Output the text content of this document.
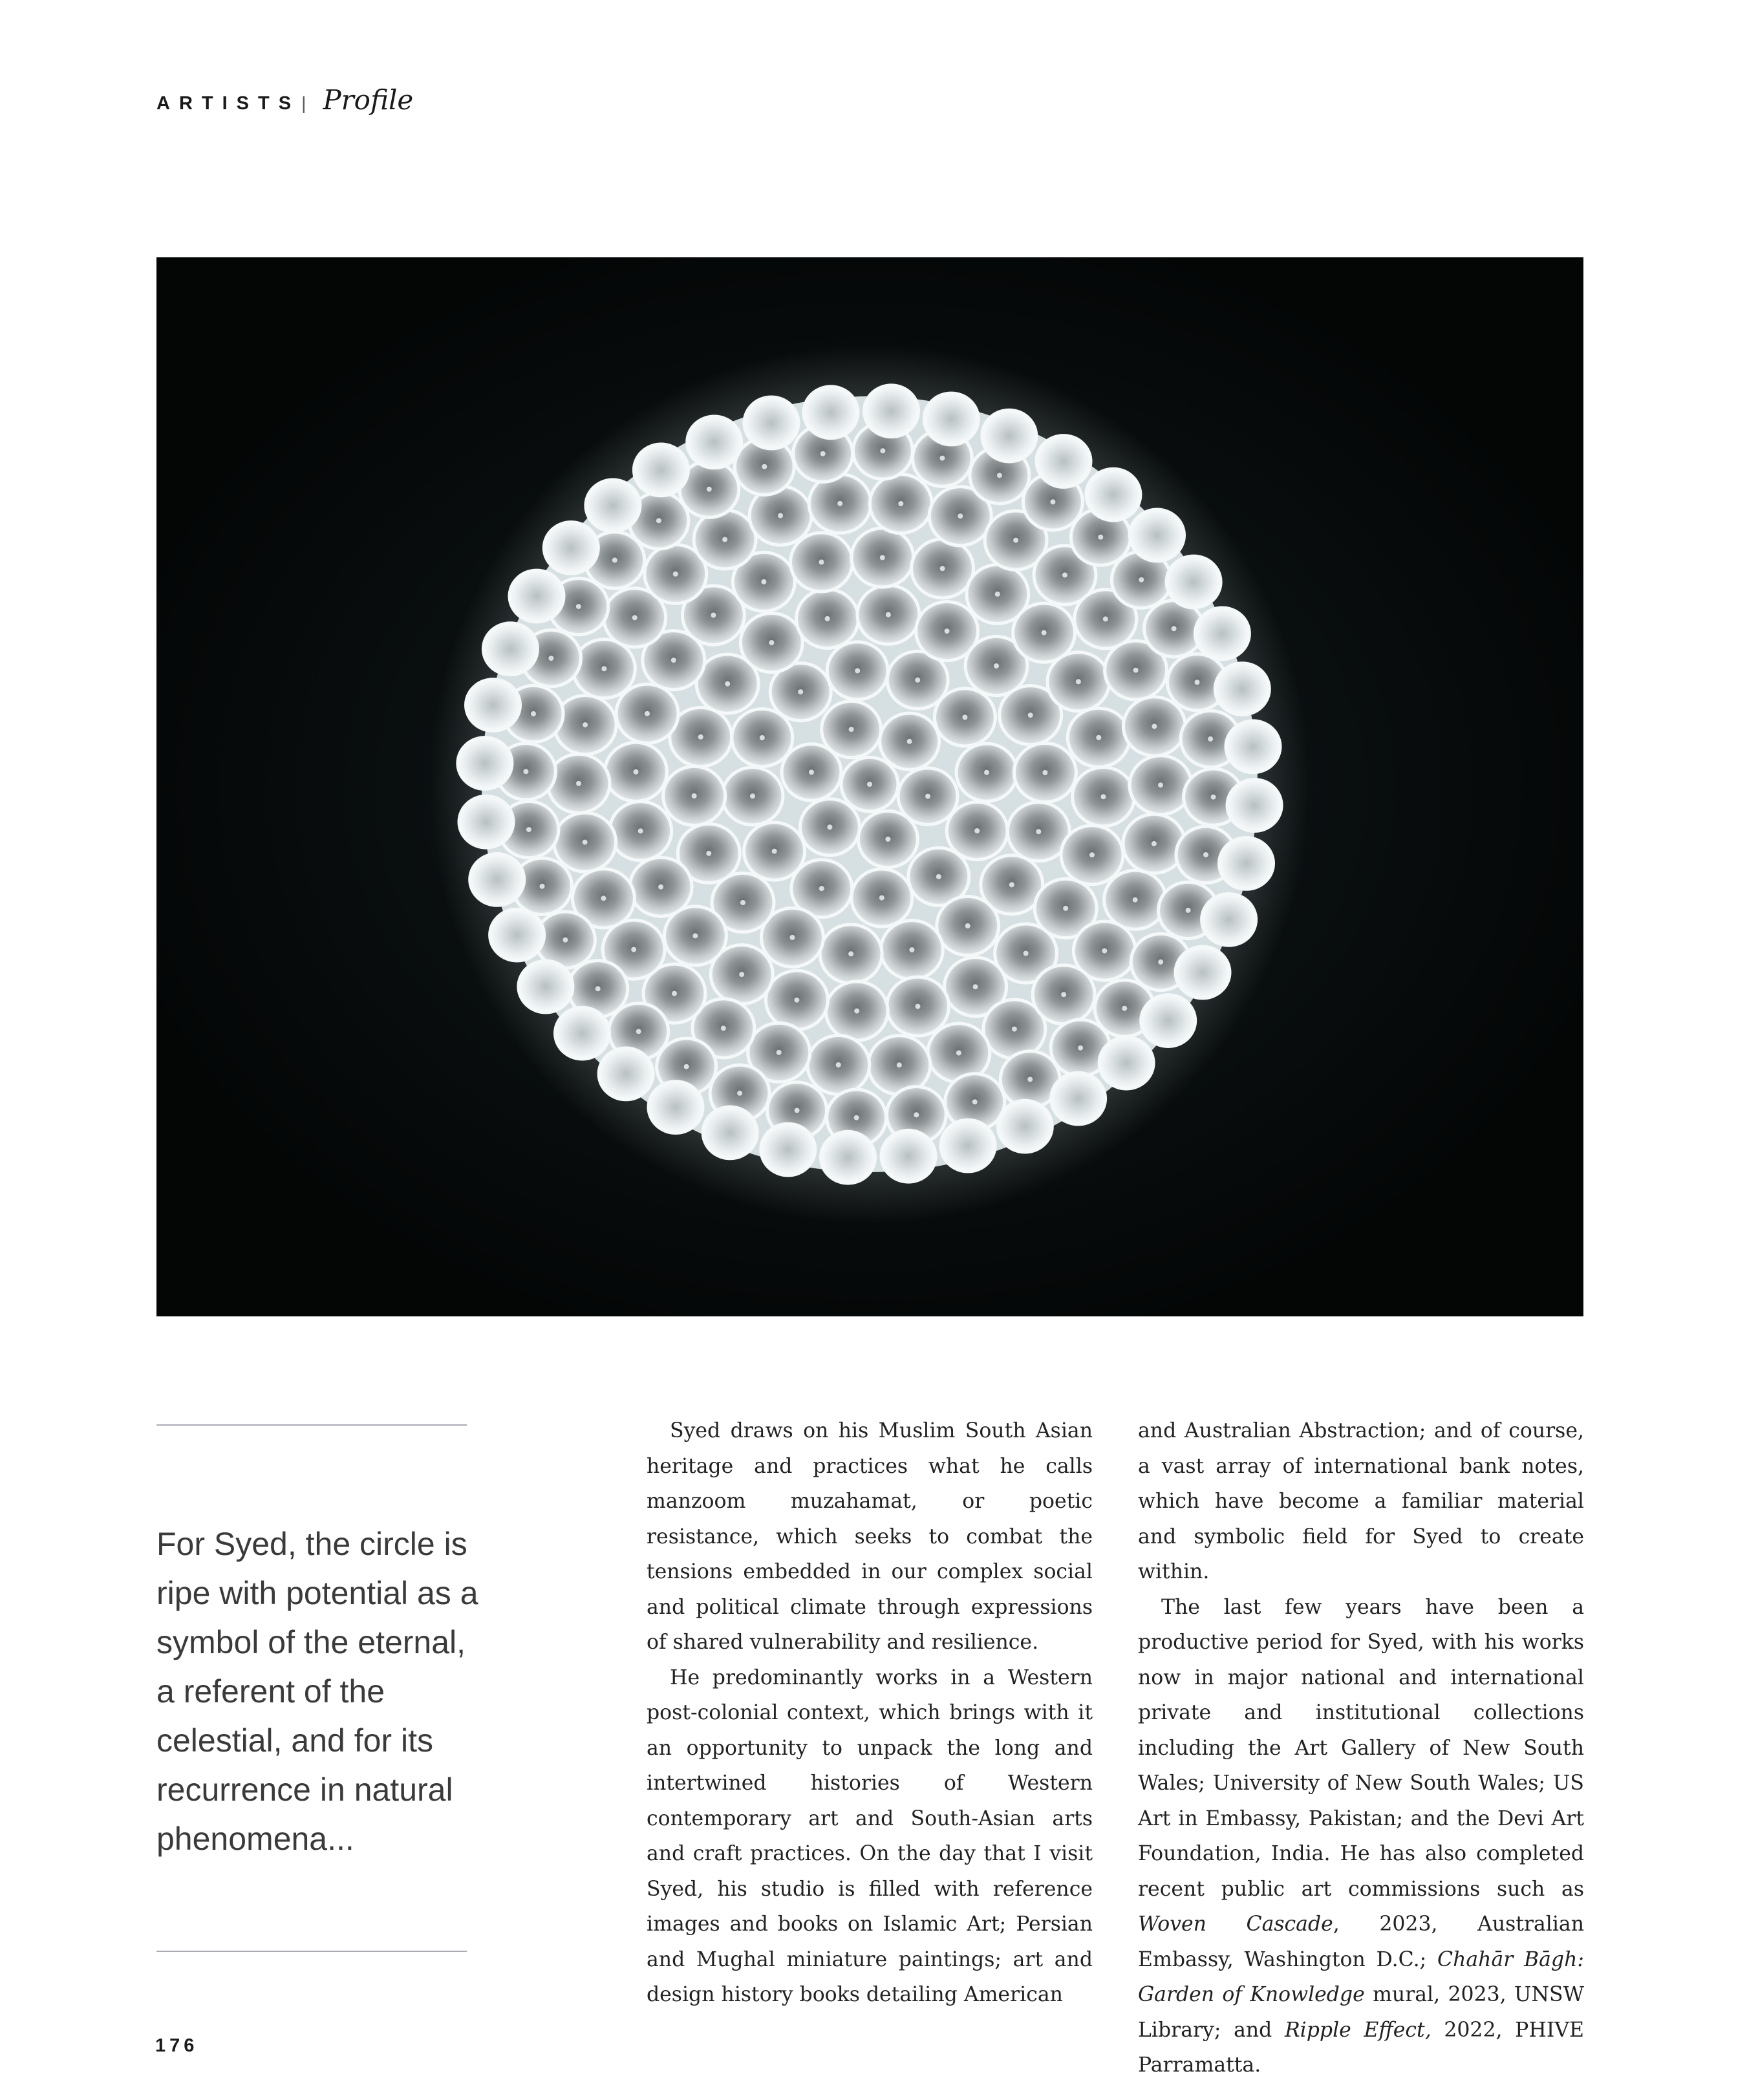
ARTISTS | Profile

For Syed, the circle is ripe with potential as a symbol of the eternal, a referent of the celestial, and for its recurrence in natural phenomena...

Syed draws on his Muslim South Asian heritage and practices what he calls manzoom muzahamat, or poetic resistance, which seeks to combat the tensions embedded in our complex social and political climate through expressions of shared vulnerability and resilience.

He predominantly works in a Western post-colonial context, which brings with it an opportunity to unpack the long and intertwined histories of Western contemporary art and South-Asian arts and craft practices. On the day that I visit Syed, his studio is filled with reference images and books on Islamic Art; Persian and Mughal miniature paintings; art and design history books detailing American

and Australian Abstraction; and of course, a vast array of international bank notes, which have become a familiar material and symbolic field for Syed to create within.

The last few years have been a productive period for Syed, with his works now in major national and international private and institutional collections including the Art Gallery of New South Wales; University of New South Wales; US Art in Embassy, Pakistan; and the Devi Art Foundation, India. He has also completed recent public art commissions such as Woven Cascade, 2023, Australian Embassy, Washington D.C.; Chahār Bāgh: Garden of Knowledge mural, 2023, UNSW Library; and Ripple Effect, 2022, PHIVE Parramatta.

176
